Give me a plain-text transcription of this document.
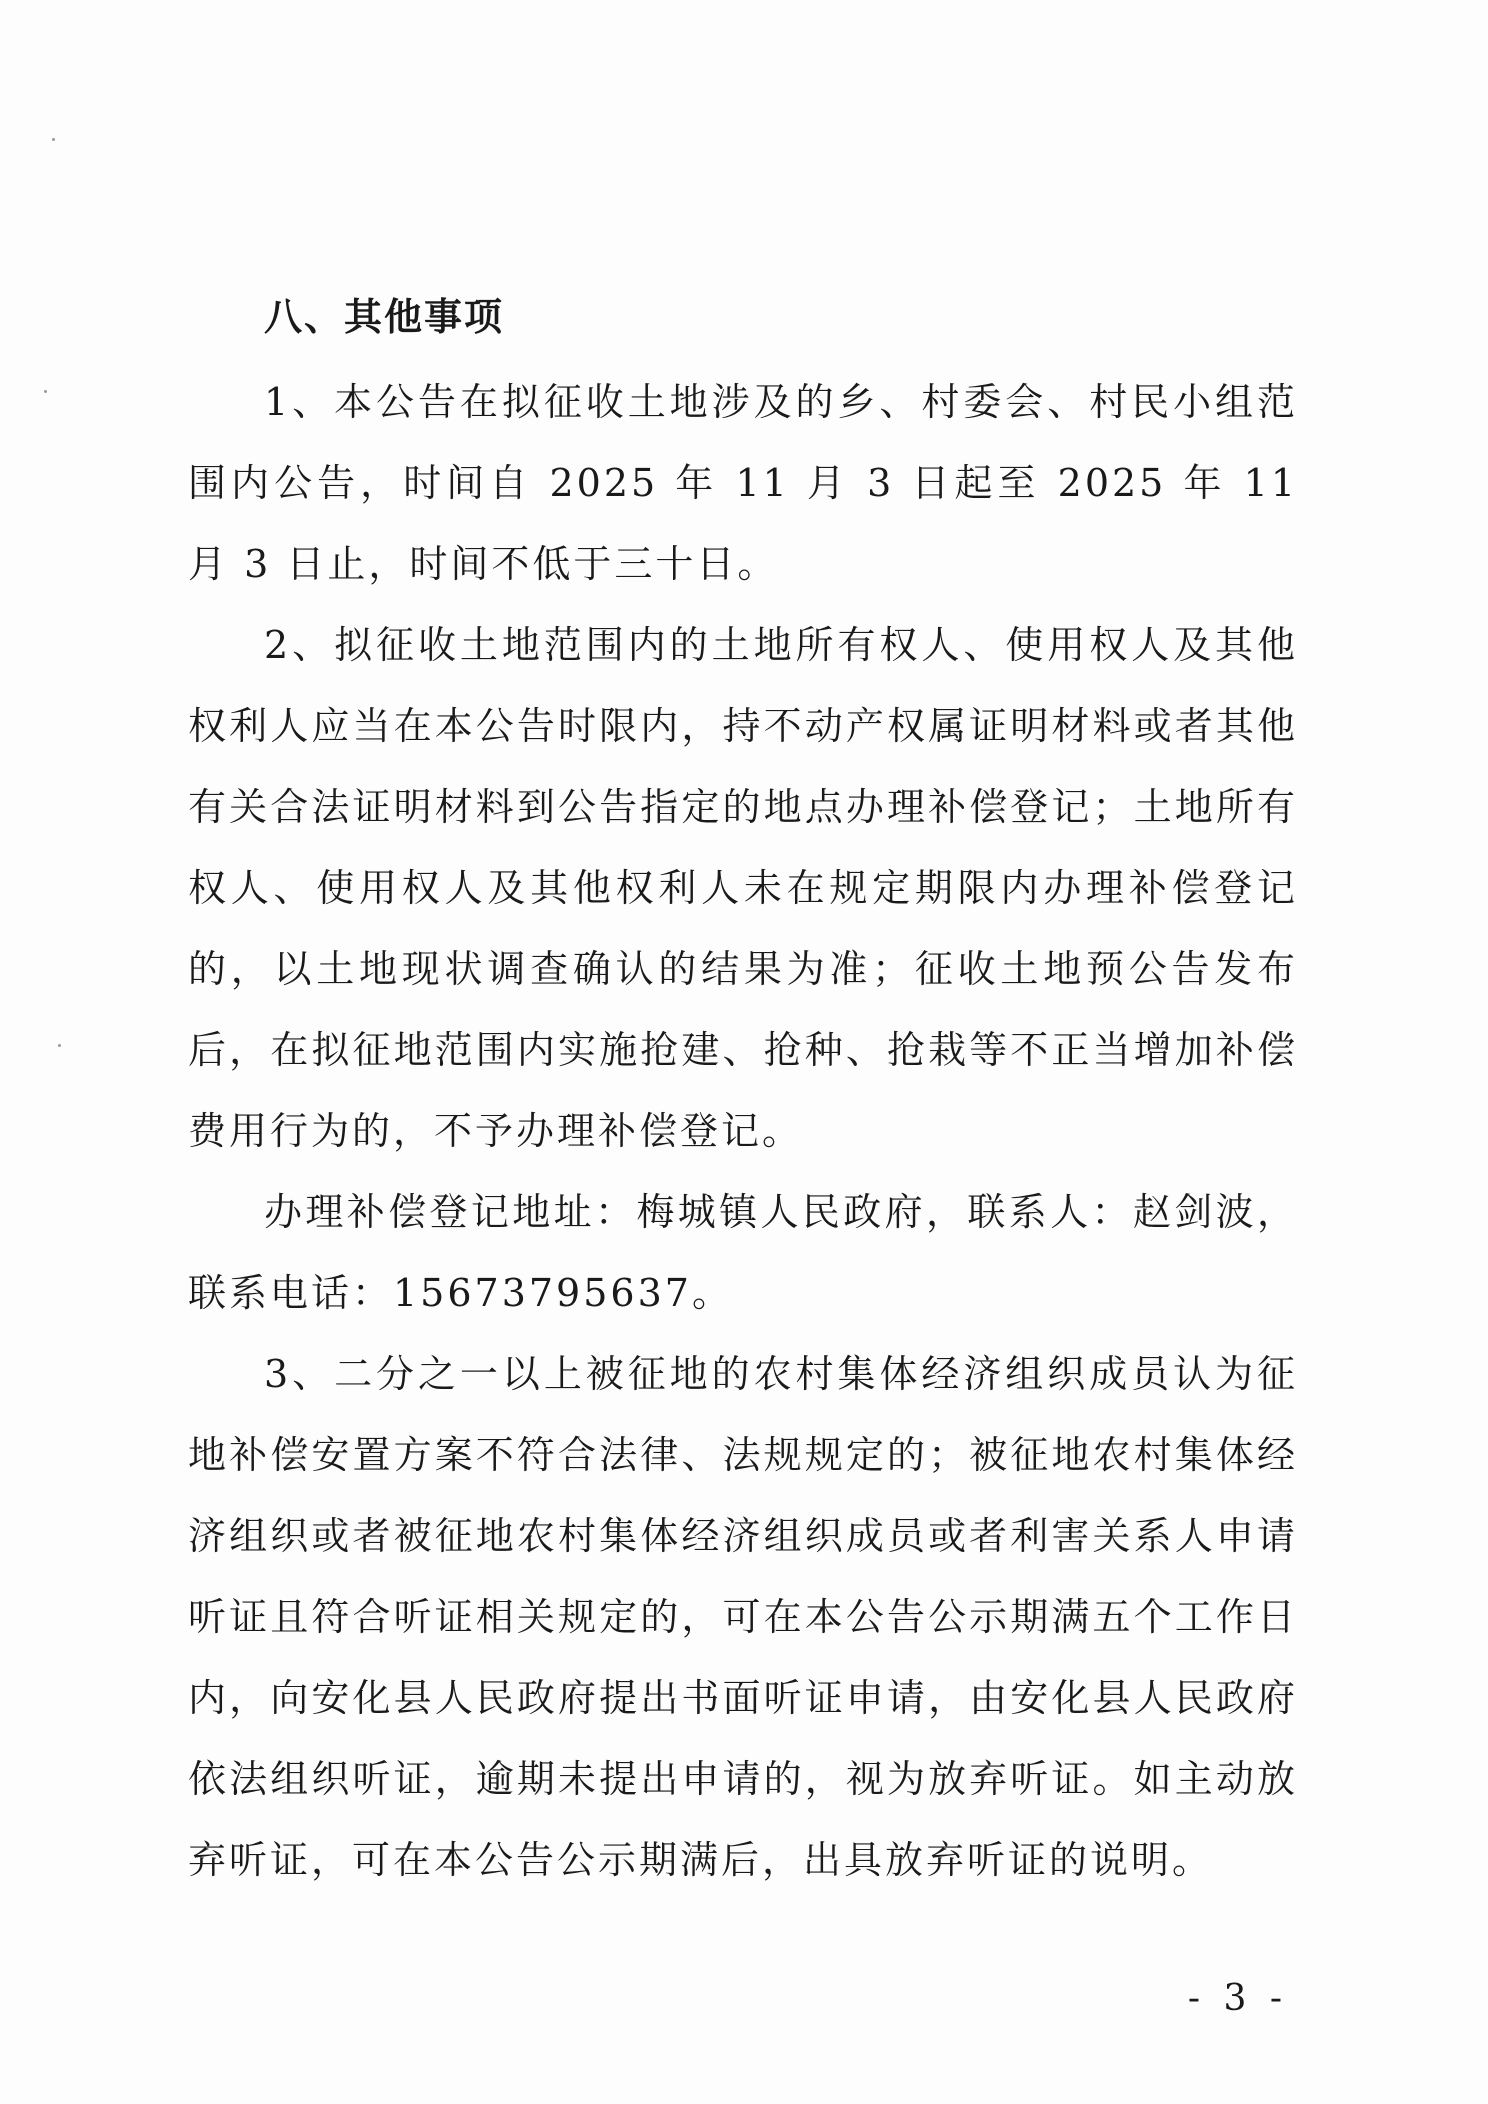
八、其他事项

1、本公告在拟征收土地涉及的乡、村委会、村民小组范围内公告，时间自 2025 年 11 月 3 日起至 2025 年 11 月 3 日止，时间不低于三十日。

2、拟征收土地范围内的土地所有权人、使用权人及其他权利人应当在本公告时限内，持不动产权属证明材料或者其他有关合法证明材料到公告指定的地点办理补偿登记；土地所有权人、使用权人及其他权利人未在规定期限内办理补偿登记的，以土地现状调查确认的结果为准；征收土地预公告发布后，在拟征地范围内实施抢建、抢种、抢栽等不正当增加补偿费用行为的，不予办理补偿登记。

办理补偿登记地址：梅城镇人民政府，联系人：赵剑波，联系电话：15673795637。

3、二分之一以上被征地的农村集体经济组织成员认为征地补偿安置方案不符合法律、法规规定的；被征地农村集体经济组织或者被征地农村集体经济组织成员或者利害关系人申请听证且符合听证相关规定的，可在本公告公示期满五个工作日内，向安化县人民政府提出书面听证申请，由安化县人民政府依法组织听证，逾期未提出申请的，视为放弃听证。如主动放弃听证，可在本公告公示期满后，出具放弃听证的说明。

- 3 -
